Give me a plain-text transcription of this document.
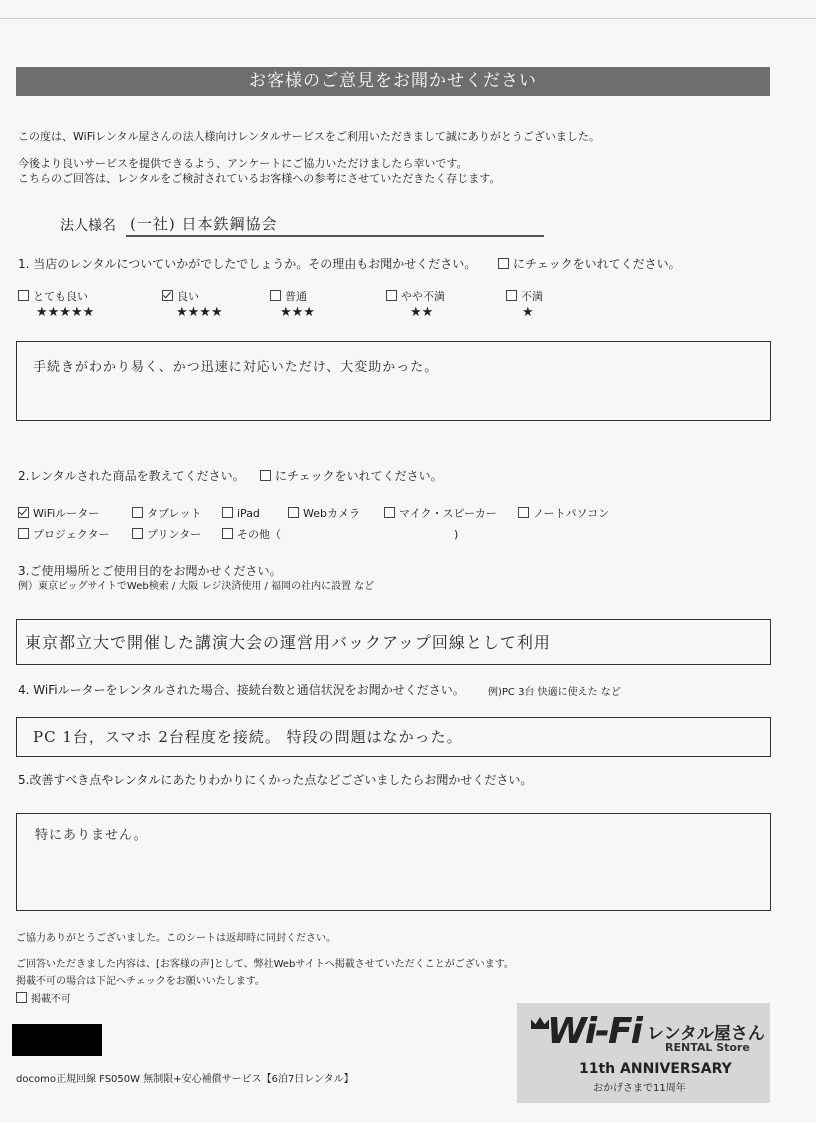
お客様のご意見をお聞かせください
この度は、WiFiレンタル屋さんの法人様向けレンタルサービスをご利用いただきまして誠にありがとうございました。
今後より良いサービスを提供できるよう、アンケートにご協力いただけましたら幸いです。
こちらのご回答は、レンタルをご検討されているお客様への参考にさせていただきたく存じます。
法人様名 (一社) 日本鉄鋼協会
1. 当店のレンタルについていかがでしたでしょうか。その理由もお聞かせください。	にチェックをいれてください。
とても良い
★★★★★
良い
★★★★
普通
★★★
やや不満
★★
不満
★
手続きがわかり易く、かつ迅速に対応いただけ、大変助かった。
2.レンタルされた商品を教えてください。	にチェックをいれてください。
WiFiルーター	タブレット	iPad	Webカメラ	マイク・スピーカー	ノートパソコン
プロジェクター	プリンター	その他（	)
3.ご使用場所とご使用目的をお聞かせください。
例）東京ビッグサイトでWeb検索 / 大阪 レジ決済使用 / 福岡の社内に設置 など
東京都立大で開催した講演大会の運営用バックアップ回線として利用
4. WiFiルーターをレンタルされた場合、接続台数と通信状況をお聞かせください。 例)PC 3台 快適に使えた など
PC 1台，スマホ 2台程度を接続。 特段の問題はなかった。
5.改善すべき点やレンタルにあたりわかりにくかった点などございましたらお聞かせください。
特にありません。
ご協力ありがとうございました。このシートは返却時に同封ください。
ご回答いただきました内容は、[お客様の声]として、弊社Webサイトへ掲載させていただくことがございます。
掲載不可の場合は下記へチェックをお願いいたします。
掲載不可
docomo正規回線 FS050W 無制限+安心補償サービス【6泊7日レンタル】
Wi-Fi レンタル屋さん
RENTAL Store
11th ANNIVERSARY
おかげさまで11周年
